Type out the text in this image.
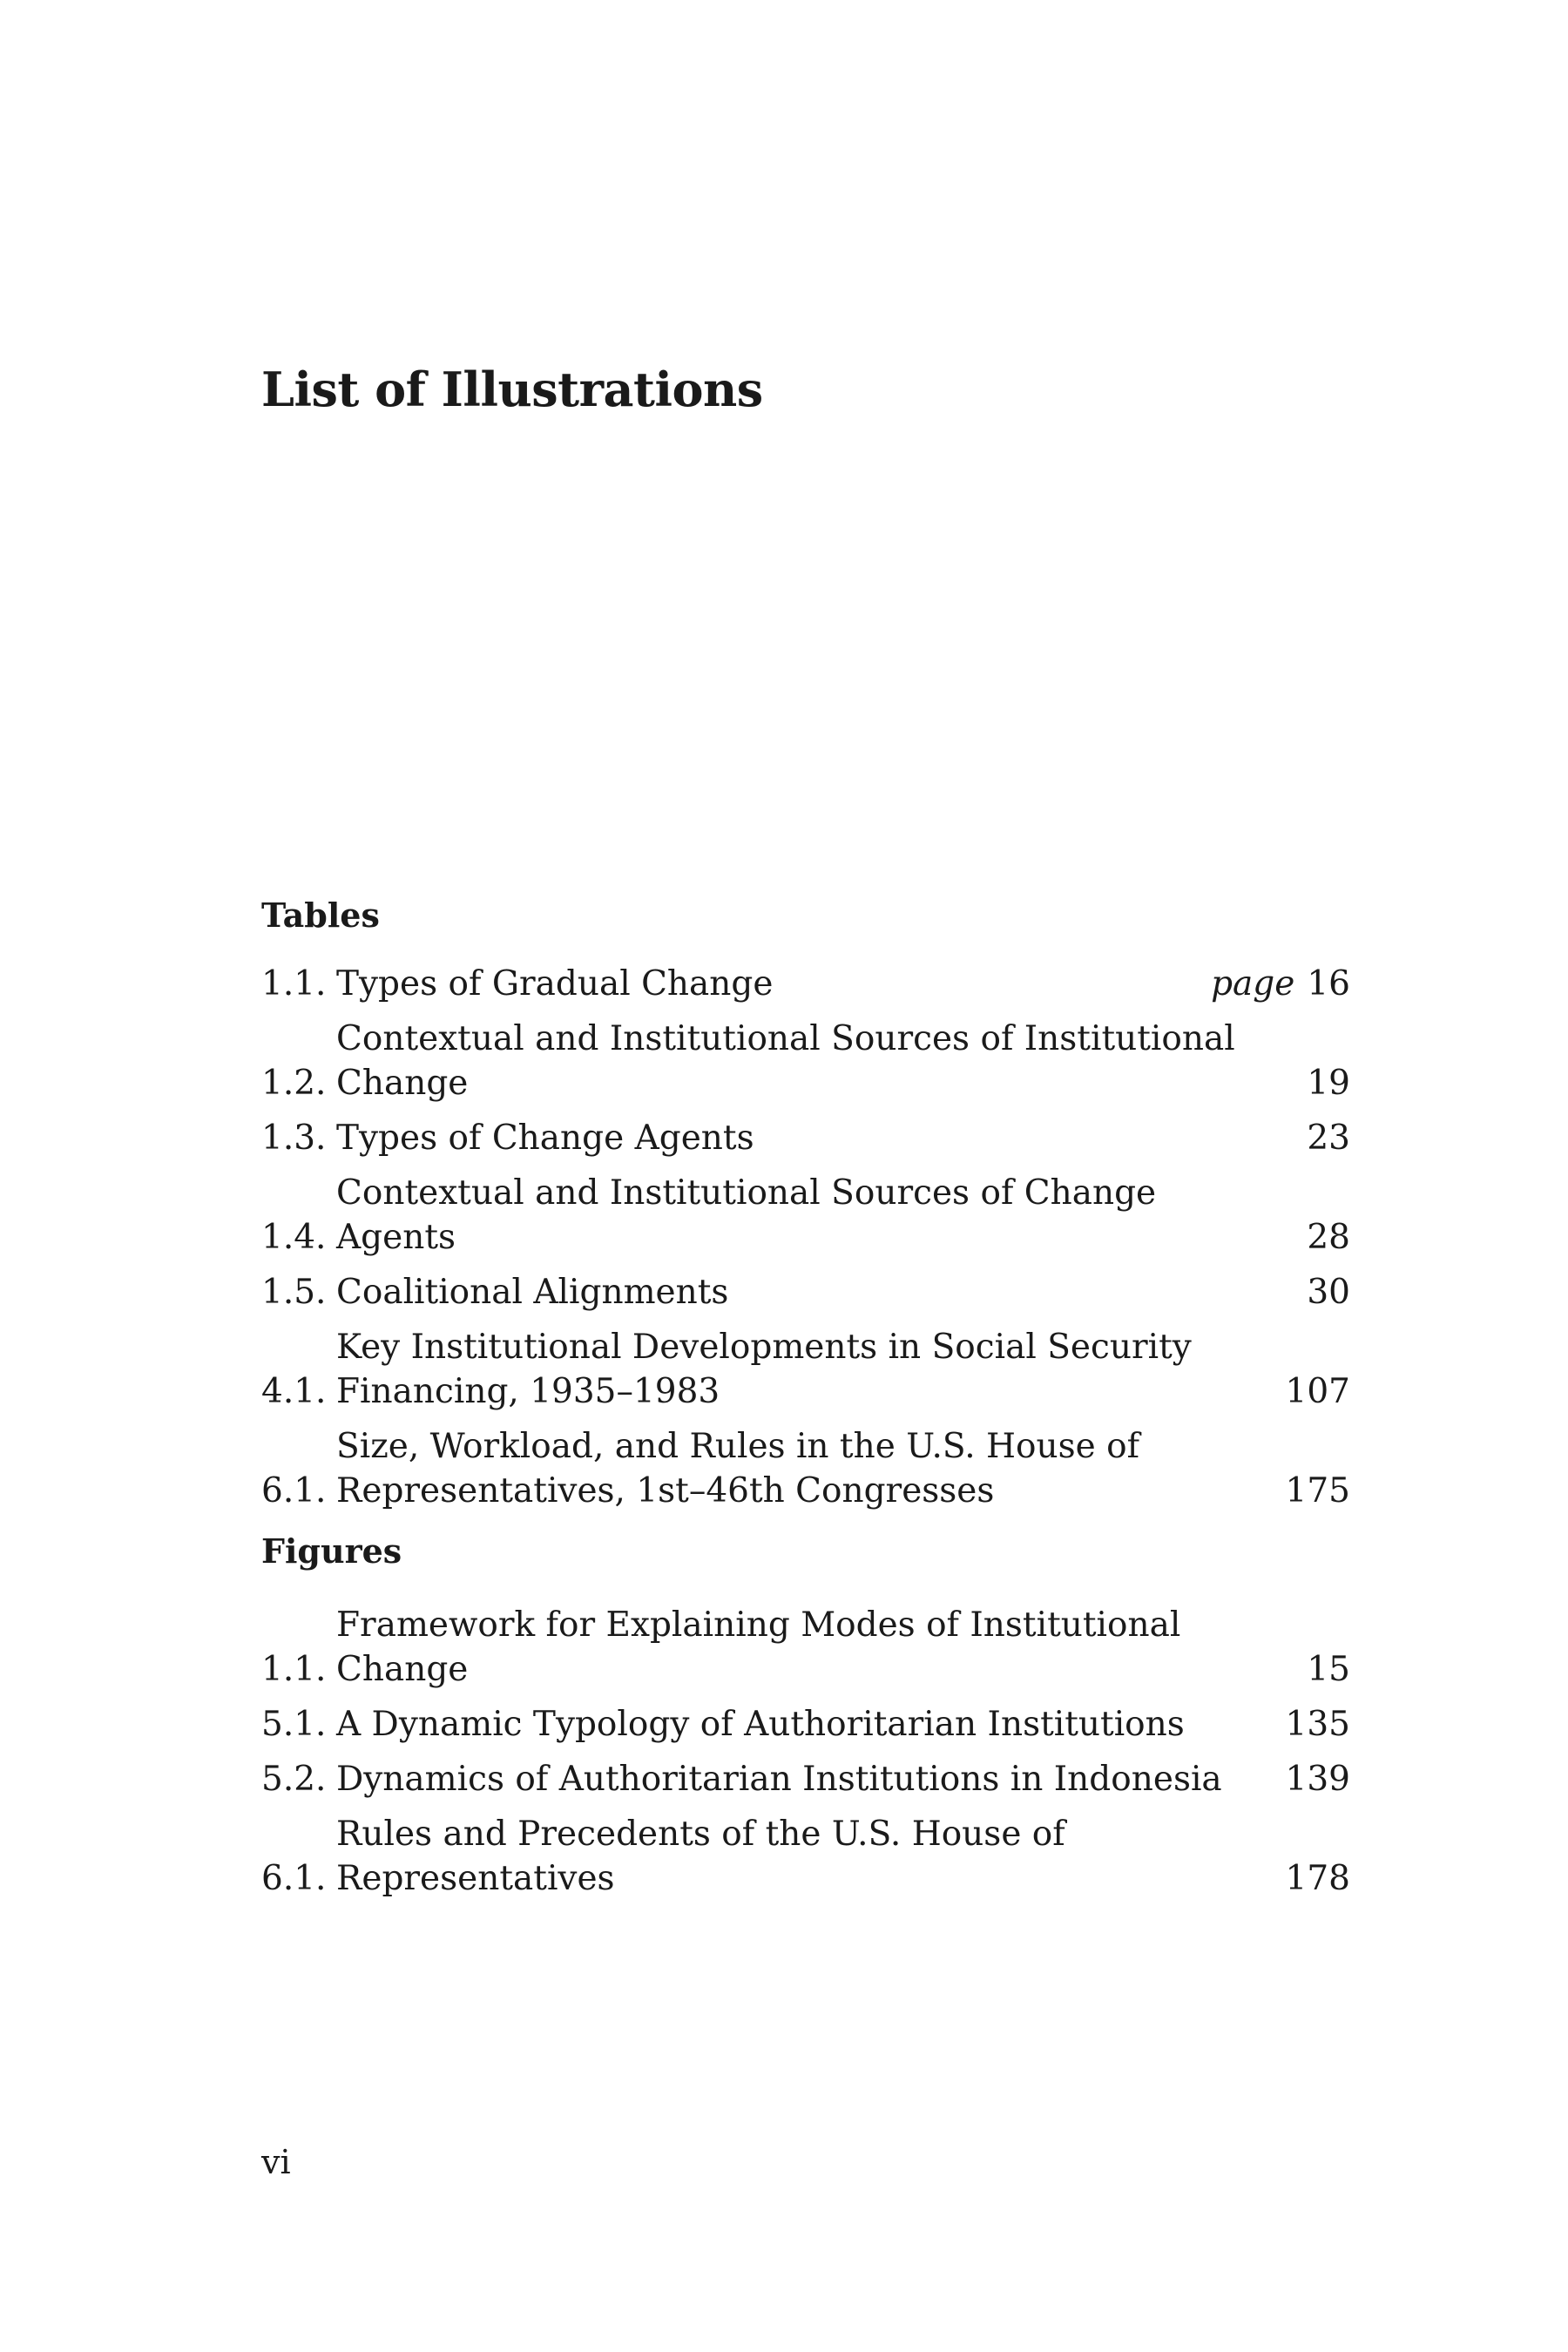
List of Illustrations
Tables
1.1. Types of Gradual Change	page 16
1.2.
Contextual and Institutional Sources of Institutional Change	19
1.3. Types of Change Agents	23
1.4.
Contextual and Institutional Sources of Change Agents	28
1.5. Coalitional Alignments	30
4.1.
Key Institutional Developments in Social Security Financing, 1935–1983	107
6.1.
Size, Workload, and Rules in the U.S. House of Representatives, 1st–46th Congresses	175
Figures
1.1.
Framework for Explaining Modes of Institutional Change	15
5.1. A Dynamic Typology of Authoritarian Institutions	135
5.2. Dynamics of Authoritarian Institutions in Indonesia	139
6.1.
Rules and Precedents of the U.S. House of Representatives	178

vi
